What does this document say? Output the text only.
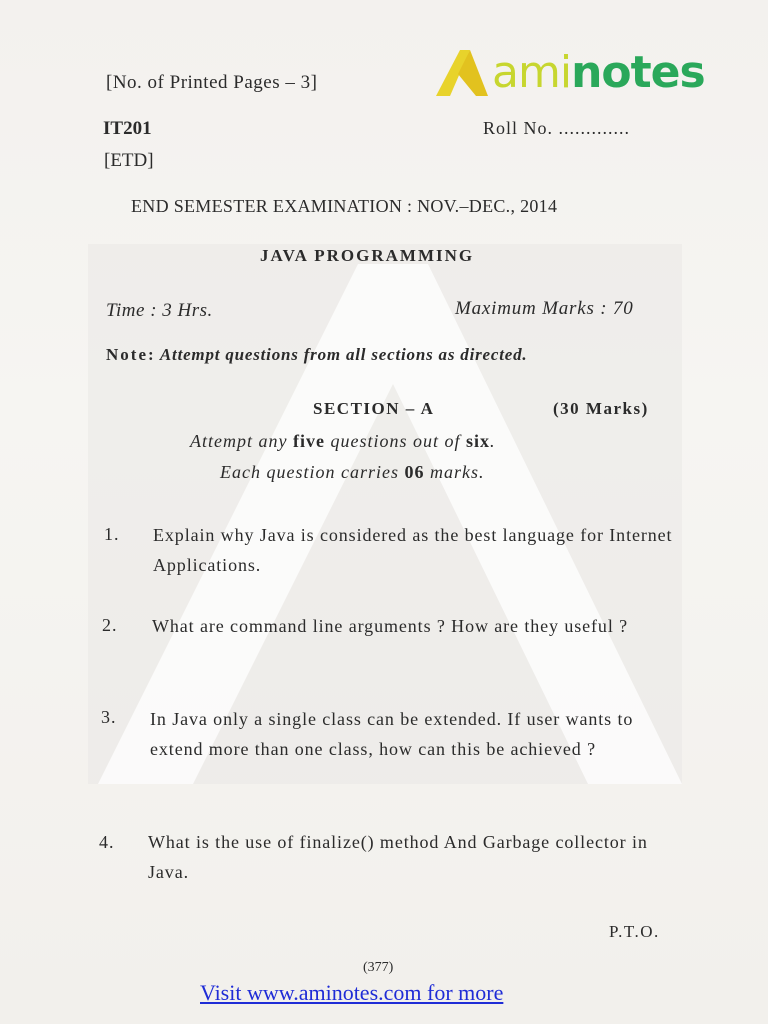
ami notes
[No. of Printed Pages – 3]
IT201	Roll No. .............
[ETD]
END SEMESTER EXAMINATION : NOV.–DEC., 2014
JAVA PROGRAMMING
Time : 3 Hrs.	Maximum Marks : 70
Note: Attempt questions from all sections as directed.
SECTION – A	(30 Marks)
Attempt any five questions out of six.
Each question carries 06 marks.
1. Explain why Java is considered as the best language for Internet Applications.
2. What are command line arguments ? How are they useful ?
3. In Java only a single class can be extended. If user wants to extend more than one class, how can this be achieved ?
4. What is the use of finalize() method And Garbage collector in Java.
P.T.O.
(377)
Visit www.aminotes.com for more
